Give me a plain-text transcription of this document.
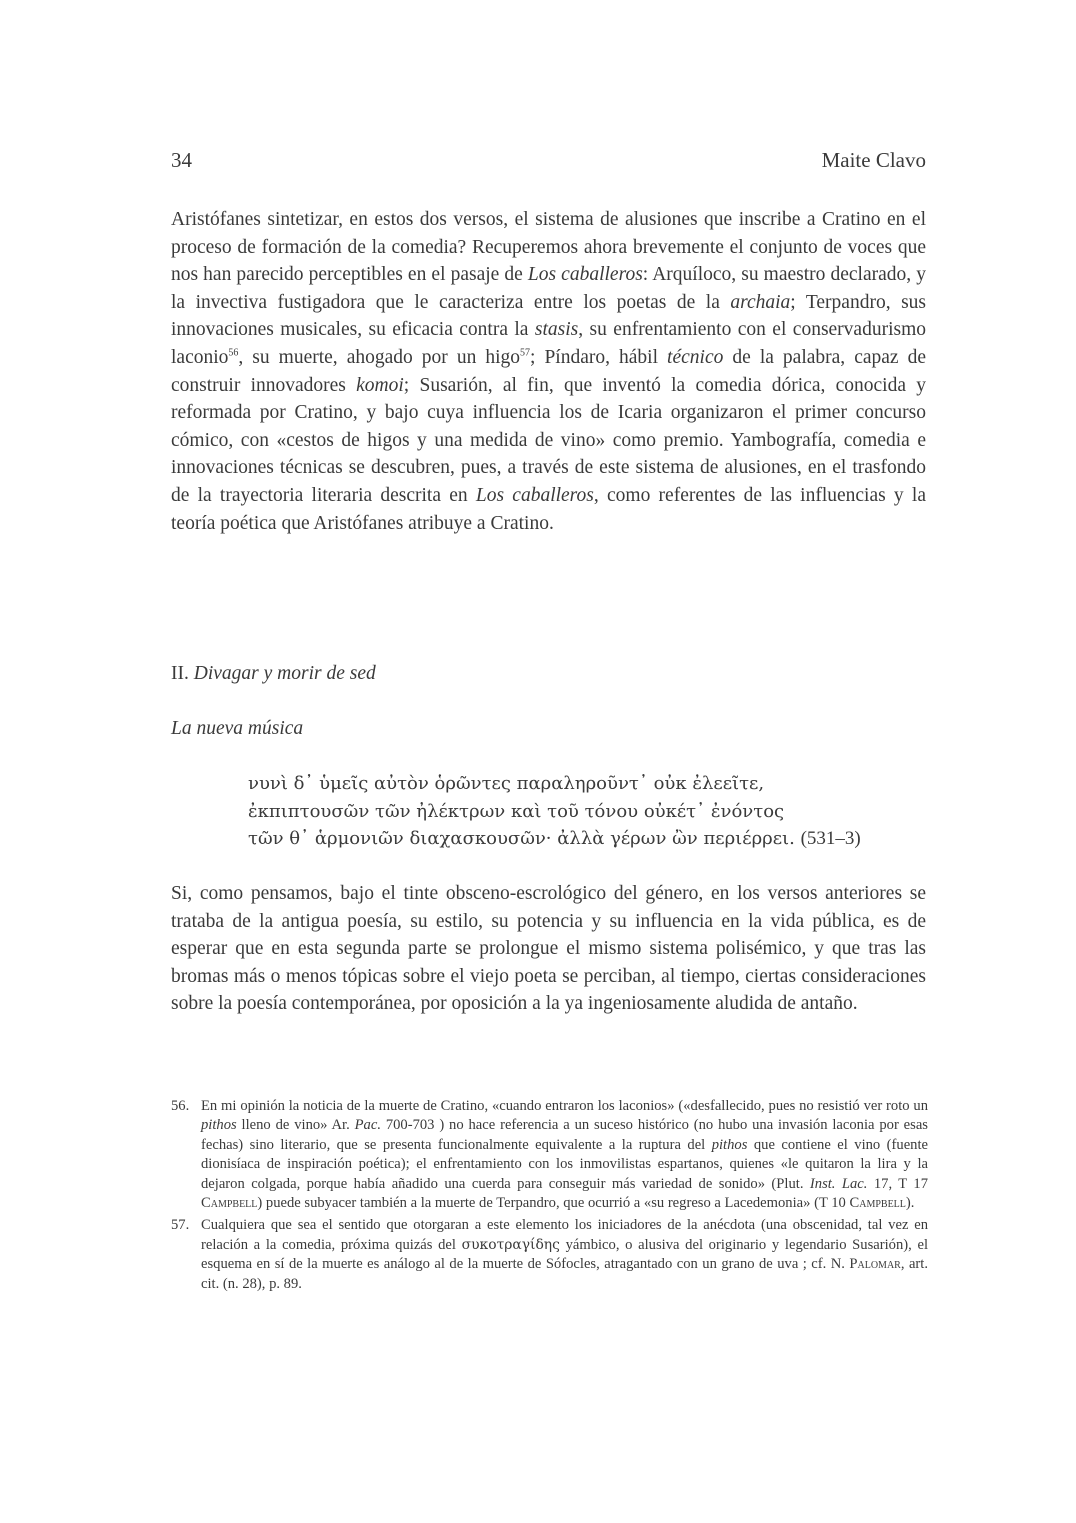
34	Maite Clavo
Aristófanes sintetizar, en estos dos versos, el sistema de alusiones que inscribe a Cratino en el proceso de formación de la comedia? Recuperemos ahora brevemente el conjunto de voces que nos han parecido perceptibles en el pasaje de Los caballeros: Arquíloco, su maestro declarado, y la invectiva fustigadora que le caracteriza entre los poetas de la archaia; Terpandro, sus innovaciones musicales, su eficacia contra la stasis, su enfrentamiento con el conservadurismo laconio$^{56}$, su muerte, ahogado por un higo$^{57}$; Píndaro, hábil técnico de la palabra, capaz de construir innovadores komoi; Susarión, al fin, que inventó la comedia dórica, conocida y reformada por Cratino, y bajo cuya influencia los de Icaria organizaron el primer concurso cómico, con «cestos de higos y una medida de vino» como premio. Yambografía, comedia e innovaciones técnicas se descubren, pues, a través de este sistema de alusiones, en el trasfondo de la trayectoria literaria descrita en Los caballeros, como referentes de las influencias y la teoría poética que Aristófanes atribuye a Cratino.
II. Divagar y morir de sed
La nueva música
νυνὶ δ᾽ ὑμεῖς αὐτὸν ὁρῶντες παραληροῦντ᾽ οὐκ ἐλεεῖτε,
ἐκπιπτουσῶν τῶν ἠλέκτρων καὶ τοῦ τόνου οὐκέτ᾽ ἐνόντος
τῶν θ᾽ ἁρμονιῶν διαχασκουσῶν· ἀλλὰ γέρων ὢν περιέρρει. (531–3)
Si, como pensamos, bajo el tinte obsceno-escrológico del género, en los versos anteriores se trataba de la antigua poesía, su estilo, su potencia y su influencia en la vida pública, es de esperar que en esta segunda parte se prolongue el mismo sistema polisémico, y que tras las bromas más o menos tópicas sobre el viejo poeta se perciban, al tiempo, ciertas consideraciones sobre la poesía contemporánea, por oposición a la ya ingeniosamente aludida de antaño.
56. En mi opinión la noticia de la muerte de Cratino, «cuando entraron los laconios» («desfallecido, pues no resistió ver roto un pithos lleno de vino» Ar. Pac. 700-703 ) no hace referencia a un suceso histórico (no hubo una invasión laconia por esas fechas) sino literario, que se presenta funcionalmente equivalente a la ruptura del pithos que contiene el vino (fuente dionisíaca de inspiración poética); el enfrentamiento con los inmovilistas espartanos, quienes «le quitaron la lira y la dejaron colgada, porque había añadido una cuerda para conseguir más variedad de sonido» (Plut. Inst. Lac. 17, T 17 Campbell) puede subyacer también a la muerte de Terpandro, que ocurrió a «su regreso a Lacedemonia» (T 10 Campbell).
57. Cualquiera que sea el sentido que otorgaran a este elemento los iniciadores de la anécdota (una obscenidad, tal vez en relación a la comedia, próxima quizás del συκοτραγίδης yámbico, o alusiva del originario y legendario Susarión), el esquema en sí de la muerte es análogo al de la muerte de Sófocles, atragantado con un grano de uva ; cf. N. Palomar, art. cit. (n. 28), p. 89.
